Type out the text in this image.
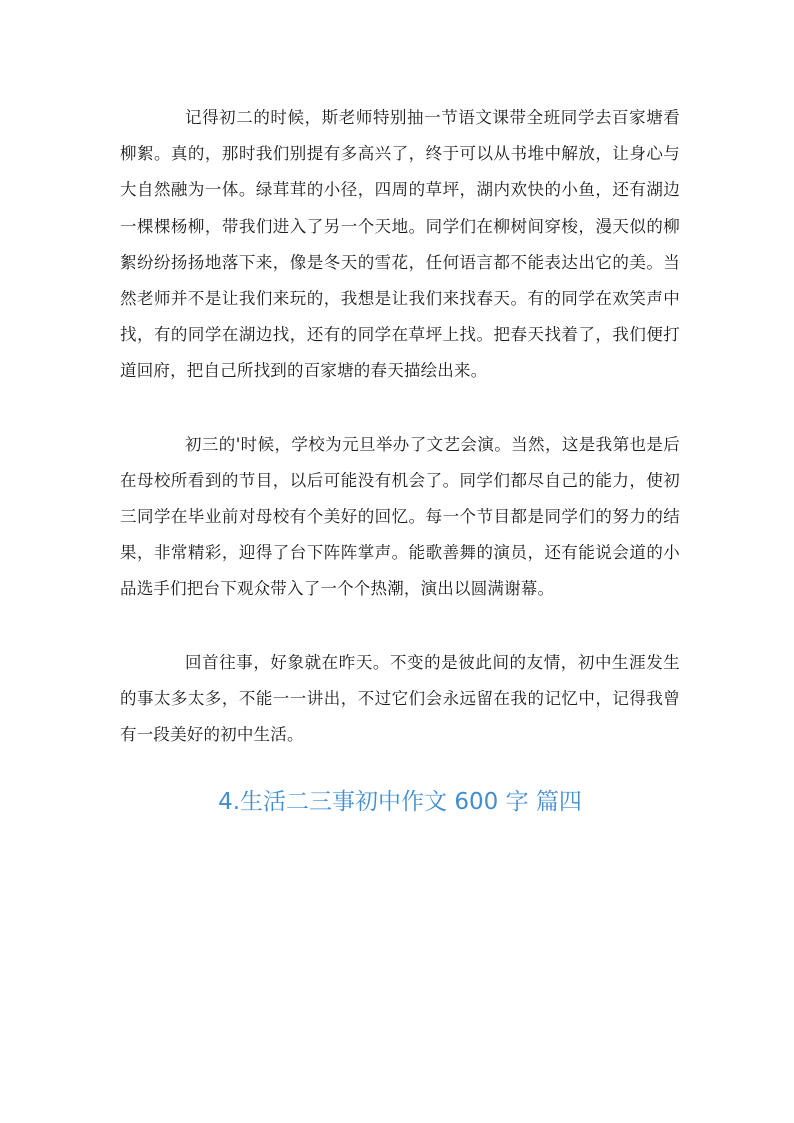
记得初二的时候，斯老师特别抽一节语文课带全班同学去百家塘看柳絮。真的，那时我们别提有多高兴了，终于可以从书堆中解放，让身心与大自然融为一体。绿茸茸的小径，四周的草坪，湖内欢快的小鱼，还有湖边一棵棵杨柳，带我们进入了另一个天地。同学们在柳树间穿梭，漫天似的柳絮纷纷扬扬地落下来，像是冬天的雪花，任何语言都不能表达出它的美。当然老师并不是让我们来玩的，我想是让我们来找春天。有的同学在欢笑声中找，有的同学在湖边找，还有的同学在草坪上找。把春天找着了，我们便打道回府，把自己所找到的百家塘的春天描绘出来。

初三的'时候，学校为元旦举办了文艺会演。当然，这是我第也是后在母校所看到的节目，以后可能没有机会了。同学们都尽自己的能力，使初三同学在毕业前对母校有个美好的回忆。每一个节目都是同学们的努力的结果，非常精彩，迎得了台下阵阵掌声。能歌善舞的演员，还有能说会道的小品选手们把台下观众带入了一个个热潮，演出以圆满谢幕。

回首往事，好象就在昨天。不变的是彼此间的友情，初中生涯发生的事太多太多，不能一一讲出，不过它们会永远留在我的记忆中，记得我曾有一段美好的初中生活。

4.生活二三事初中作文 600 字 篇四
